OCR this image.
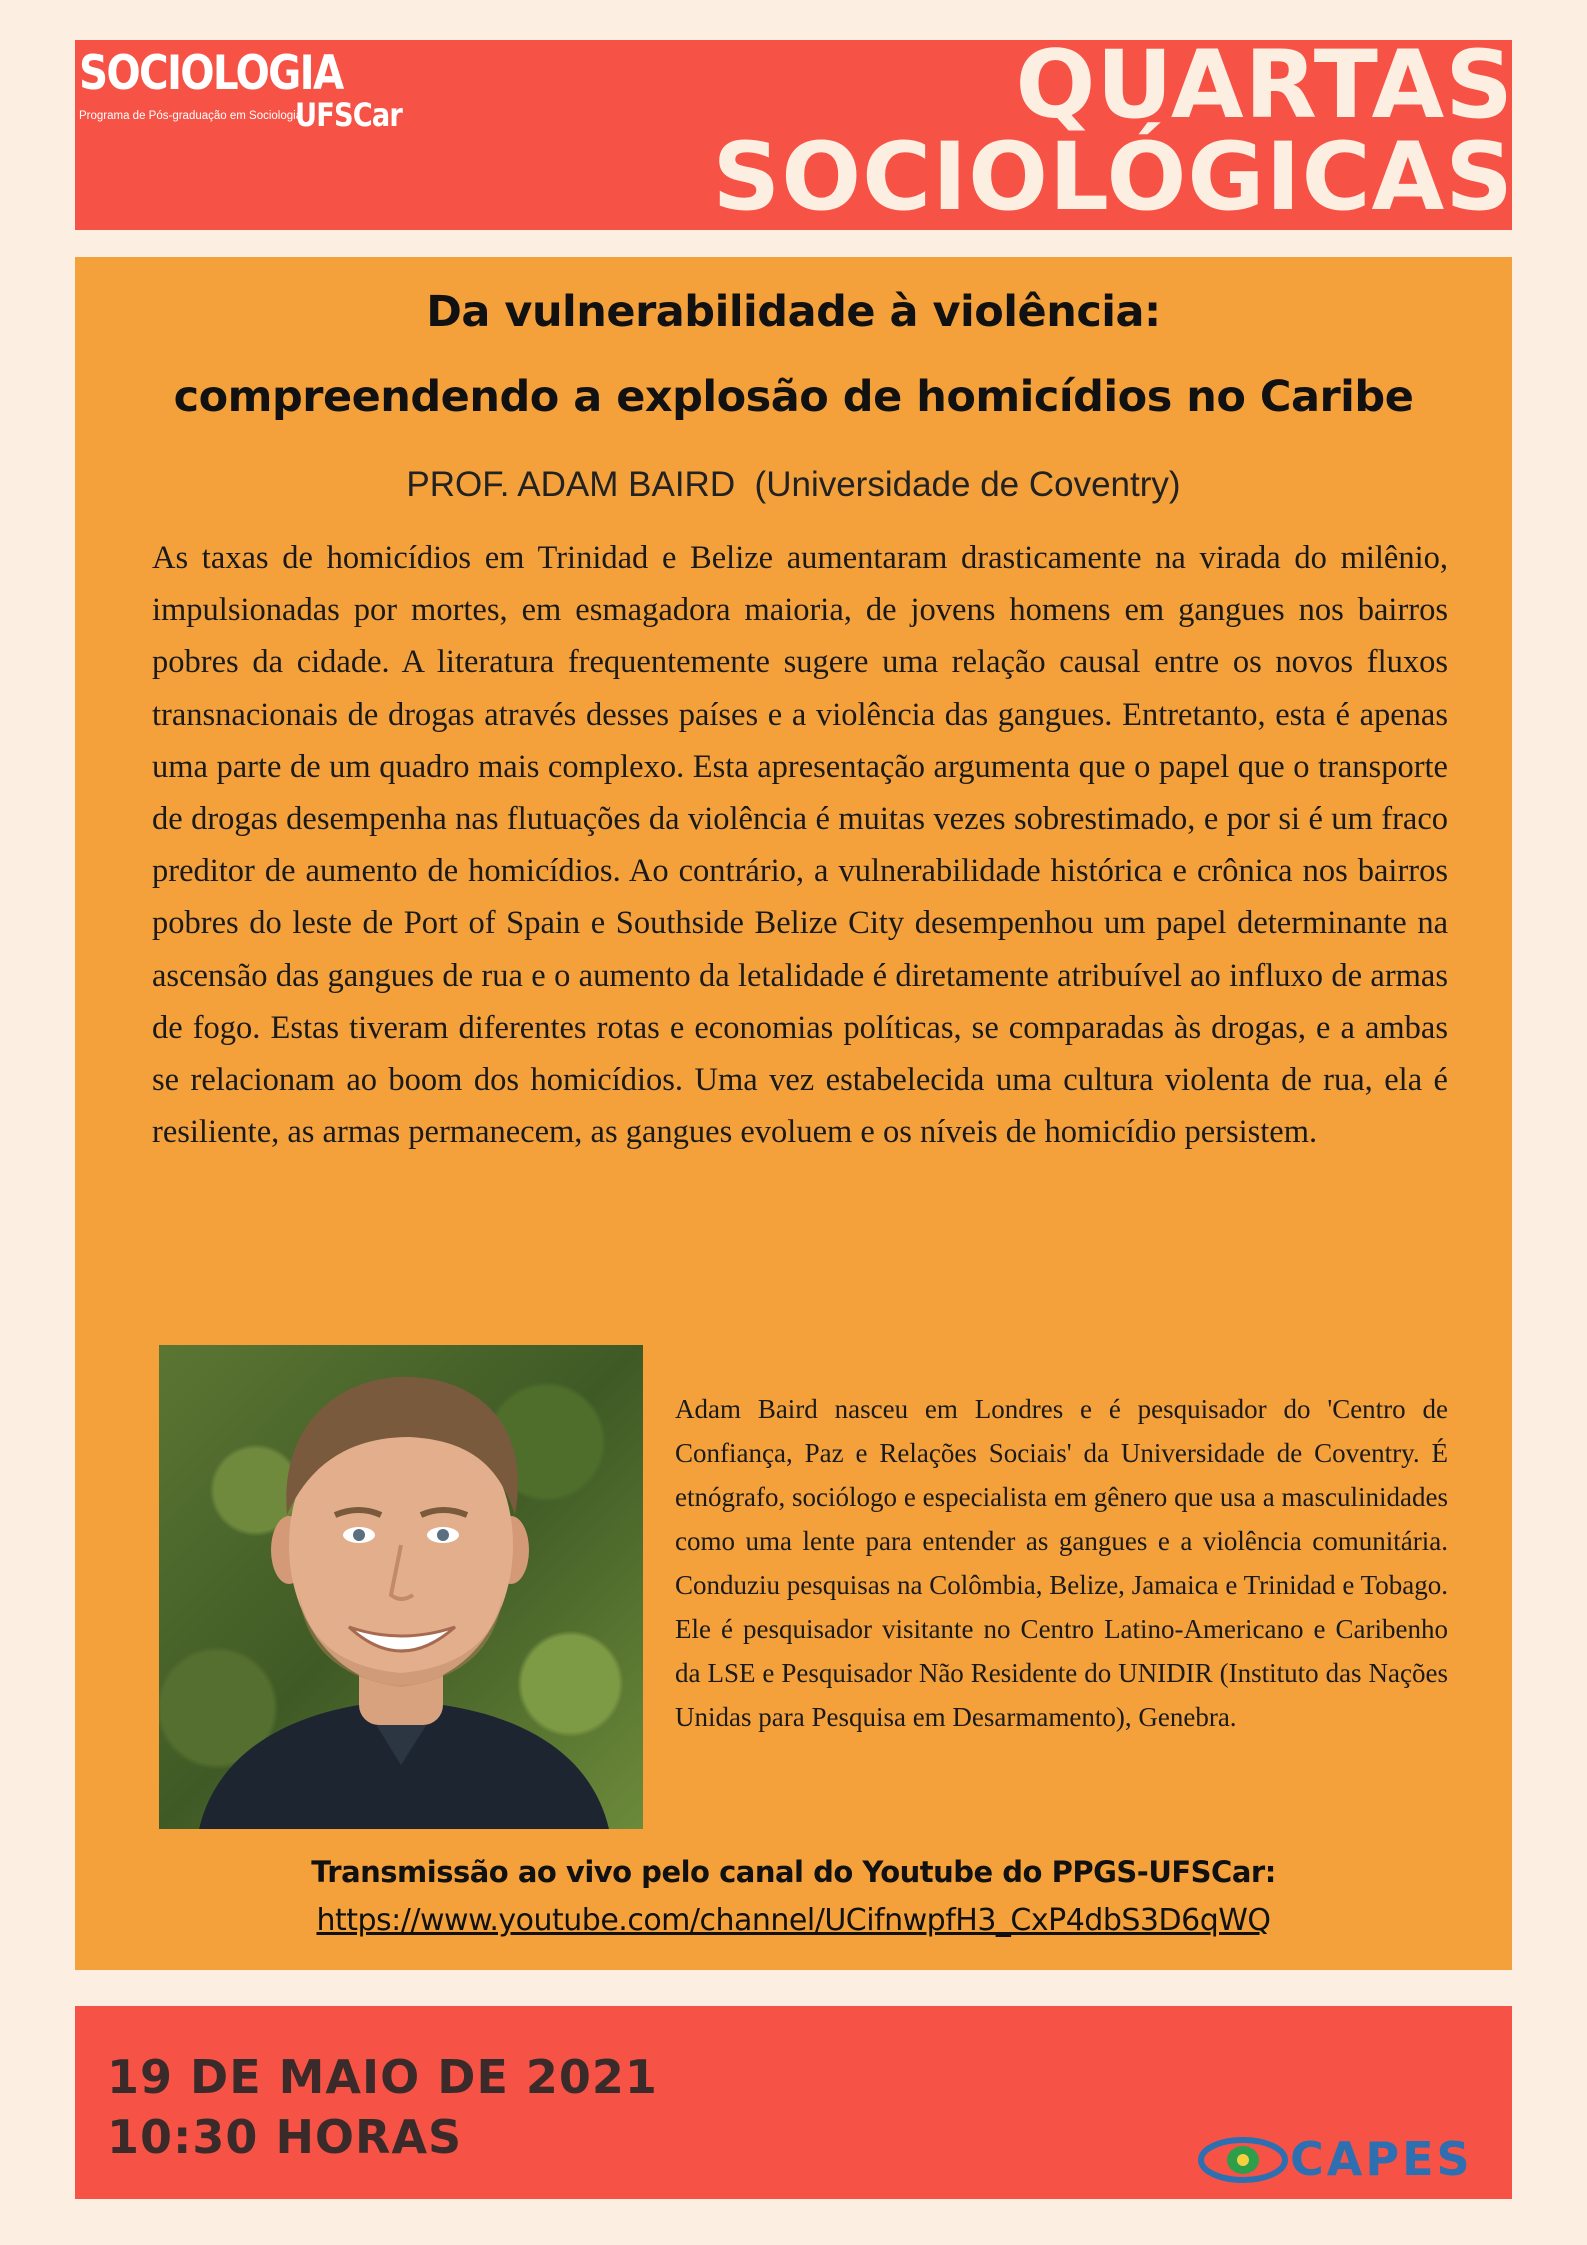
SOCIOLOGIA
Programa de Pós-graduação em Sociologia
UFSCar	QUARTAS
SOCIOLÓGICAS
Da vulnerabilidade à violência:
compreendendo a explosão de homicídios no Caribe
PROF. ADAM BAIRD  (Universidade de Coventry)

As taxas de homicídios em Trinidad e Belize aumentaram drasticamente na virada do milênio, impulsionadas por mortes, em esmagadora maioria, de jovens homens em gangues nos bairros pobres da cidade. A literatura frequentemente sugere uma relação causal entre os novos fluxos transnacionais de drogas através desses países e a violência das gangues. Entretanto, esta é apenas uma parte de um quadro mais complexo. Esta apresentação argumenta que o papel que o transporte de drogas desempenha nas flutuações da violência é muitas vezes sobrestimado, e por si é um fraco preditor de aumento de homicídios. Ao contrário, a vulnerabilidade histórica e crônica nos bairros pobres do leste de Port of Spain e Southside Belize City desempenhou um papel determinante na ascensão das gangues de rua e o aumento da letalidade é diretamente atribuível ao influxo de armas de fogo. Estas tiveram diferentes rotas e economias políticas, se comparadas às drogas, e a ambas se relacionam ao boom dos homicídios. Uma vez estabelecida uma cultura violenta de rua, ela é resiliente, as armas permanecem, as gangues evoluem e os níveis de homicídio persistem.

Adam Baird nasceu em Londres e é pesquisador do 'Centro de Confiança, Paz e Relações Sociais' da Universidade de Coventry. É etnógrafo, sociólogo e especialista em gênero que usa a masculinidades como uma lente para entender as gangues e a violência comunitária. Conduziu pesquisas na Colômbia, Belize, Jamaica e Trinidad e Tobago. Ele é pesquisador visitante no Centro Latino-Americano e Caribenho da LSE e Pesquisador Não Residente do UNIDIR (Instituto das Nações Unidas para Pesquisa em Desarmamento), Genebra.

Transmissão ao vivo pelo canal do Youtube do PPGS-UFSCar:
https://www.youtube.com/channel/UCifnwpfH3_CxP4dbS3D6qWQ
19 DE MAIO DE 2021
10:30 HORAS	CAPES
